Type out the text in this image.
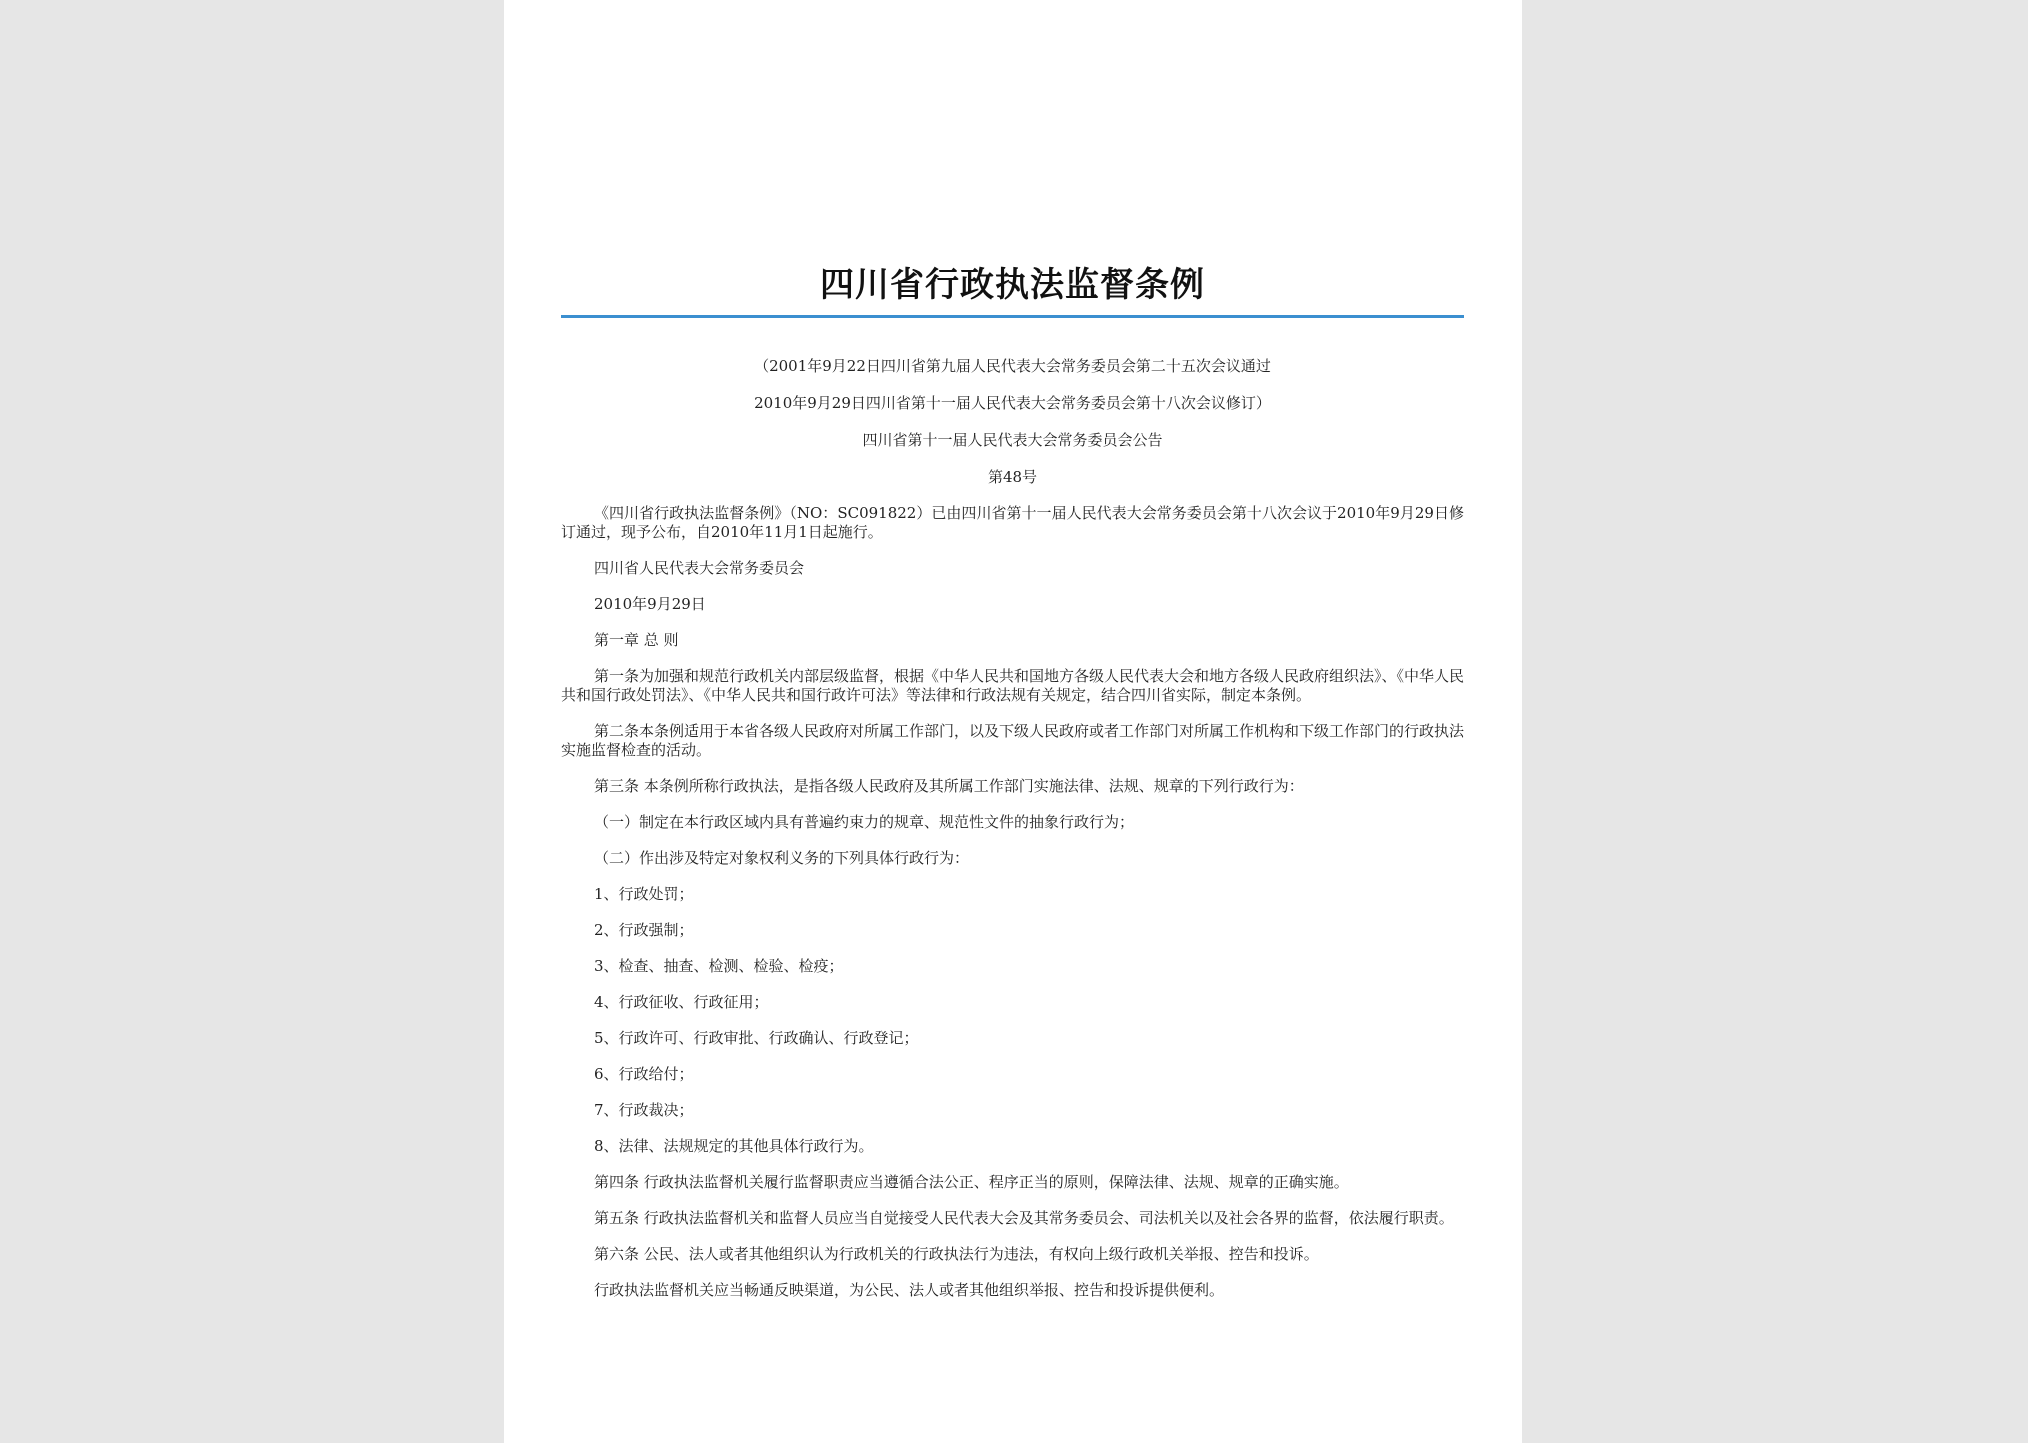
四川省行政执法监督条例

（2001年9月22日四川省第九届人民代表大会常务委员会第二十五次会议通过

2010年9月29日四川省第十一届人民代表大会常务委员会第十八次会议修订）

四川省第十一届人民代表大会常务委员会公告

第48号

《四川省行政执法监督条例》（NO：SC091822）已由四川省第十一届人民代表大会常务委员会第十八次会议于2010年9月29日修订通过，现予公布，自2010年11月1日起施行。

四川省人民代表大会常务委员会

2010年9月29日

第一章 总 则

第一条为加强和规范行政机关内部层级监督，根据《中华人民共和国地方各级人民代表大会和地方各级人民政府组织法》、《中华人民共和国行政处罚法》、《中华人民共和国行政许可法》等法律和行政法规有关规定，结合四川省实际，制定本条例。

第二条本条例适用于本省各级人民政府对所属工作部门，以及下级人民政府或者工作部门对所属工作机构和下级工作部门的行政执法实施监督检查的活动。

第三条 本条例所称行政执法，是指各级人民政府及其所属工作部门实施法律、法规、规章的下列行政行为：

（一）制定在本行政区域内具有普遍约束力的规章、规范性文件的抽象行政行为；

（二）作出涉及特定对象权利义务的下列具体行政行为：

1、行政处罚；

2、行政强制；

3、检查、抽查、检测、检验、检疫；

4、行政征收、行政征用；

5、行政许可、行政审批、行政确认、行政登记；

6、行政给付；

7、行政裁决；

8、法律、法规规定的其他具体行政行为。

第四条 行政执法监督机关履行监督职责应当遵循合法公正、程序正当的原则，保障法律、法规、规章的正确实施。

第五条 行政执法监督机关和监督人员应当自觉接受人民代表大会及其常务委员会、司法机关以及社会各界的监督，依法履行职责。

第六条 公民、法人或者其他组织认为行政机关的行政执法行为违法，有权向上级行政机关举报、控告和投诉。

行政执法监督机关应当畅通反映渠道，为公民、法人或者其他组织举报、控告和投诉提供便利。
